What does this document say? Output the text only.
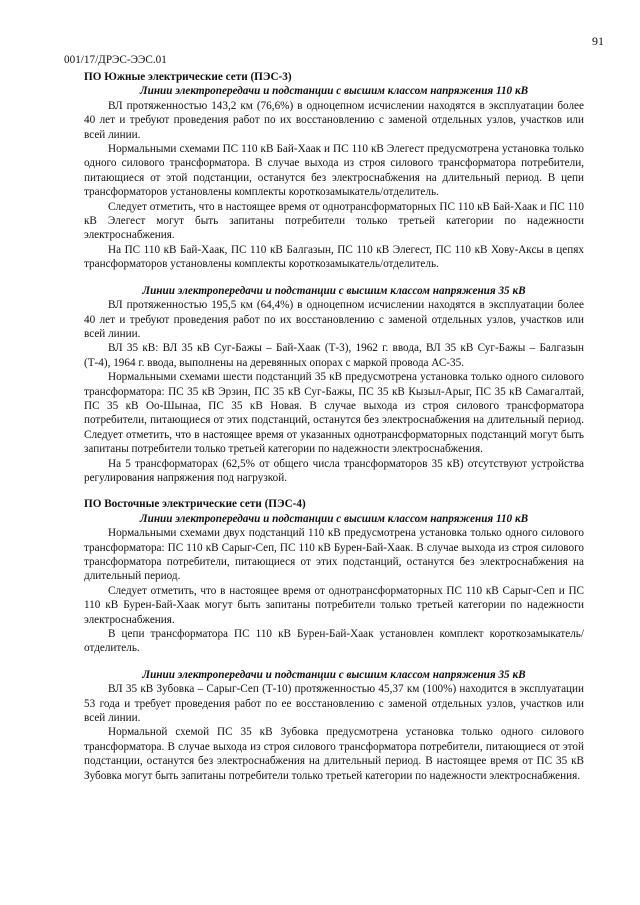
91
001/17/ДРЭС-ЭЭС.01
ПО Южные электрические сети (ПЭС-3)
Линии электропередачи и подстанции с высшим классом напряжения 110 кВ

ВЛ протяженностью 143,2 км (76,6%) в одноцепном исчислении находятся в эксплуатации более 40 лет и требуют проведения работ по их восстановлению с заменой отдельных узлов, участков или всей линии.

Нормальными схемами ПС 110 кВ Бай-Хаак и ПС 110 кВ Элегест предусмотрена установка только одного силового трансформатора. В случае выхода из строя силового трансформатора потребители, питающиеся от этой подстанции, останутся без электроснабжения на длительный период. В цепи трансформаторов установлены комплекты короткозамыкатель/отделитель.

Следует отметить, что в настоящее время от однотрансформаторных ПС 110 кВ Бай-Хаак и ПС 110 кВ Элегест могут быть запитаны потребители только третьей категории по надежности электроснабжения.

На ПС 110 кВ Бай-Хаак, ПС 110 кВ Балгазын, ПС 110 кВ Элегест, ПС 110 кВ Хову-Аксы в цепях трансформаторов установлены комплекты короткозамыкатель/отделитель.

Линии электропередачи и подстанции с высшим классом напряжения 35 кВ

ВЛ протяженностью 195,5 км (64,4%) в одноцепном исчислении находятся в эксплуатации более 40 лет и требуют проведения работ по их восстановлению с заменой отдельных узлов, участков или всей линии.

ВЛ 35 кВ: ВЛ 35 кВ Суг-Бажы – Бай-Хаак (Т-3), 1962 г. ввода, ВЛ 35 кВ Суг-Бажы – Балгазын (Т-4), 1964 г. ввода, выполнены на деревянных опорах с маркой провода АС-35.

Нормальными схемами шести подстанций 35 кВ предусмотрена установка только одного силового трансформатора: ПС 35 кВ Эрзин, ПС 35 кВ Суг-Бажы, ПС 35 кВ Кызыл-Арыг, ПС 35 кВ Самагалтай, ПС 35 кВ Оо-Шынаа, ПС 35 кВ Новая. В случае выхода из строя силового трансформатора потребители, питающиеся от этих подстанций, останутся без электроснабжения на длительный период. Следует отметить, что в настоящее время от указанных однотрансформаторных подстанций могут быть запитаны потребители только третьей категории по надежности электроснабжения.

На 5 трансформаторах (62,5% от общего числа трансформаторов 35 кВ) отсутствуют устройства регулирования напряжения под нагрузкой.

ПО Восточные электрические сети (ПЭС-4)
Линии электропередачи и подстанции с высшим классом напряжения 110 кВ

Нормальными схемами двух подстанций 110 кВ предусмотрена установка только одного силового трансформатора: ПС 110 кВ Сарыг-Сеп, ПС 110 кВ Бурен-Бай-Хаак. В случае выхода из строя силового трансформатора потребители, питающиеся от этих подстанций, останутся без электроснабжения на длительный период.

Следует отметить, что в настоящее время от однотрансформаторных ПС 110 кВ Сарыг-Сеп и ПС 110 кВ Бурен-Бай-Хаак могут быть запитаны потребители только третьей категории по надежности электроснабжения.

В цепи трансформатора ПС 110 кВ Бурен-Бай-Хаак установлен комплект короткозамыкатель/отделитель.

Линии электропередачи и подстанции с высшим классом напряжения 35 кВ

ВЛ 35 кВ Зубовка – Сарыг-Сеп (Т-10) протяженностью 45,37 км (100%) находится в эксплуатации 53 года и требует проведения работ по ее восстановлению с заменой отдельных узлов, участков или всей линии.

Нормальной схемой ПС 35 кВ Зубовка предусмотрена установка только одного силового трансформатора. В случае выхода из строя силового трансформатора потребители, питающиеся от этой подстанции, останутся без электроснабжения на длительный период. В настоящее время от ПС 35 кВ Зубовка могут быть запитаны потребители только третьей категории по надежности электроснабжения.
